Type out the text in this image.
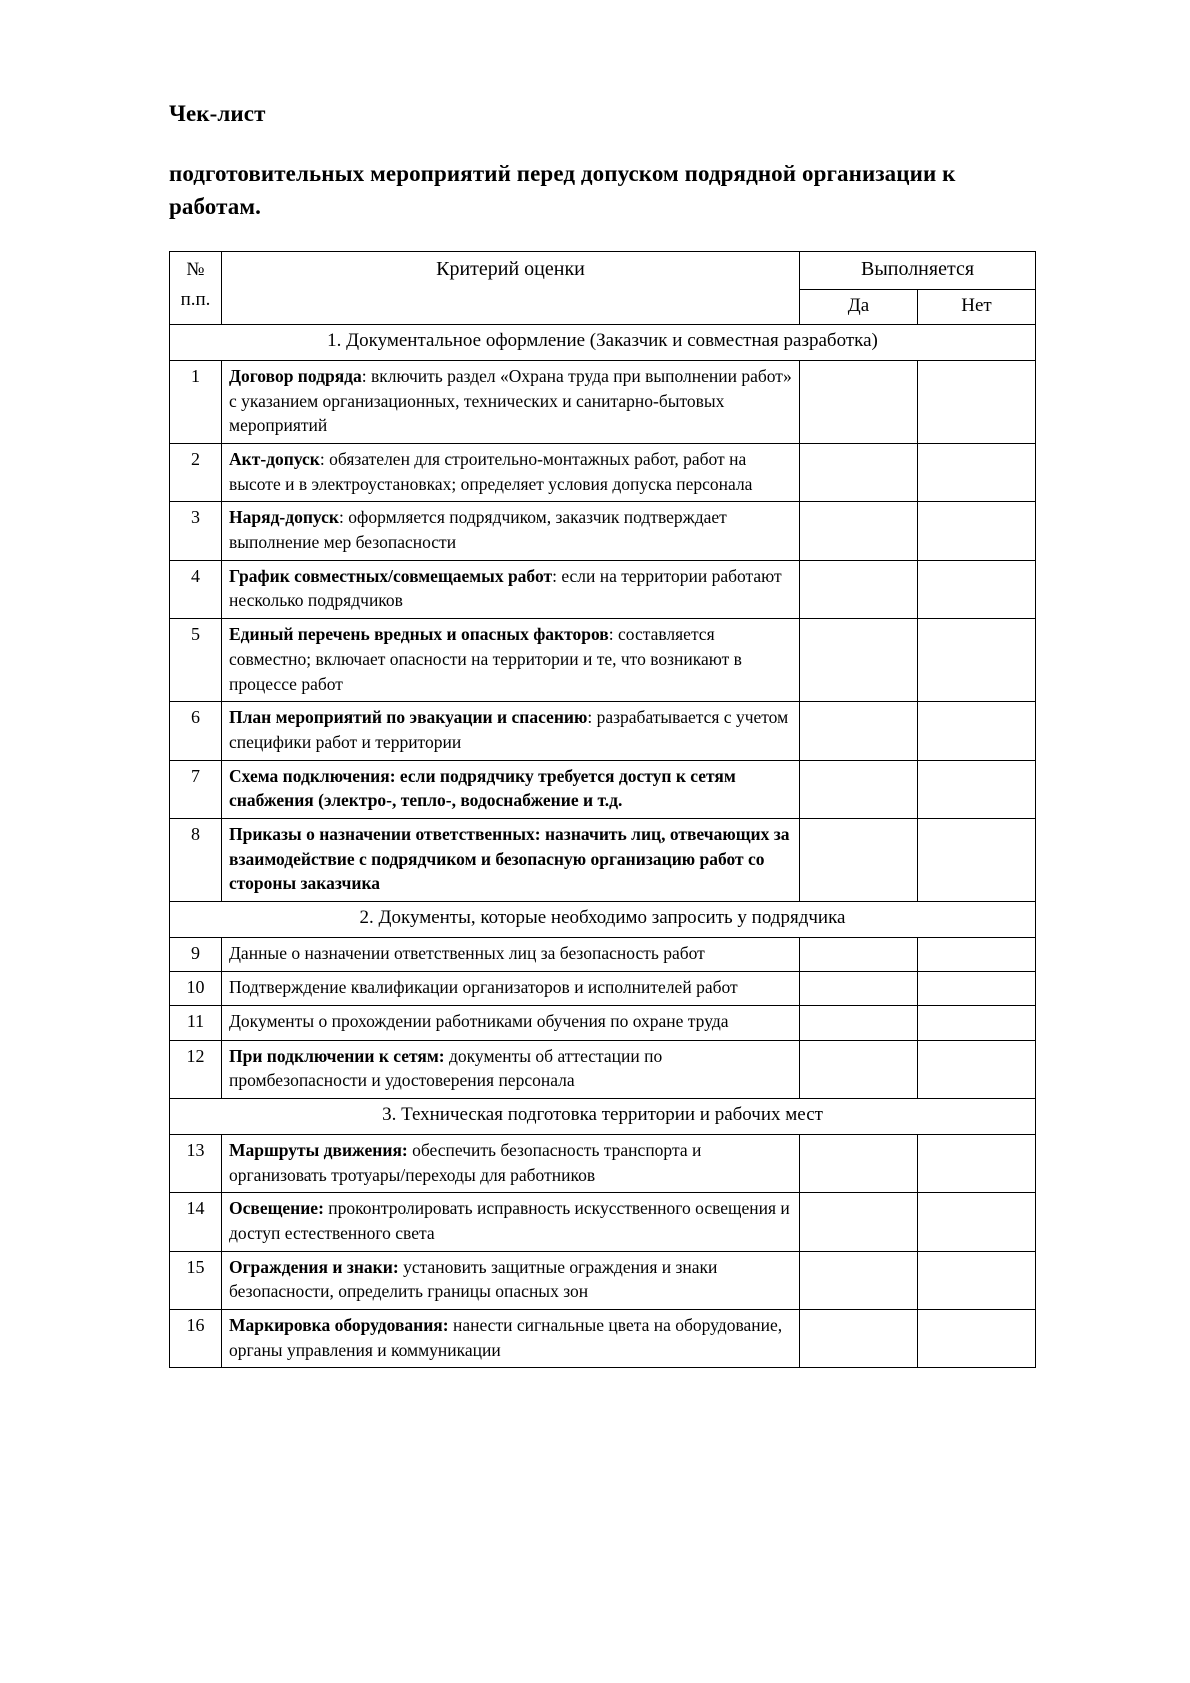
Чек-лист
подготовительных мероприятий перед допуском подрядной организации к работам.
№
п.п.	Критерий оценки	Выполняется	
		Да	Нет
1. Документальное оформление (Заказчик и совместная разработка)			
1	Договор подряда: включить раздел «Охрана труда при выполнении работ» с указанием организационных, технических и санитарно-бытовых мероприятий		
2	Акт-допуск: обязателен для строительно-монтажных работ, работ на высоте и в электроустановках; определяет условия допуска персонала		
3	Наряд-допуск: оформляется подрядчиком, заказчик подтверждает выполнение мер безопасности		
4	График совместных/совмещаемых работ: если на территории работают несколько подрядчиков		
5	Единый перечень вредных и опасных факторов: составляется совместно; включает опасности на территории и те, что возникают в процессе работ		
6	План мероприятий по эвакуации и спасению: разрабатывается с учетом специфики работ и территории		
7	Схема подключения: если подрядчику требуется доступ к сетям снабжения (электро-, тепло-, водоснабжение и т.д.		
8	Приказы о назначении ответственных: назначить лиц, отвечающих за взаимодействие с подрядчиком и безопасную организацию работ со стороны заказчика		
2. Документы, которые необходимо запросить у подрядчика			
9	Данные о назначении ответственных лиц за безопасность работ		
10	Подтверждение квалификации организаторов и исполнителей работ		
11	Документы о прохождении работниками обучения по охране труда		
12	При подключении к сетям: документы об аттестации по промбезопасности и удостоверения персонала		
3. Техническая подготовка территории и рабочих мест			
13	Маршруты движения: обеспечить безопасность транспорта и организовать тротуары/переходы для работников		
14	Освещение: проконтролировать исправность искусственного освещения и доступ естественного света		
15	Ограждения и знаки: установить защитные ограждения и знаки безопасности, определить границы опасных зон		
16	Маркировка оборудования: нанести сигнальные цвета на оборудование, органы управления и коммуникации		
